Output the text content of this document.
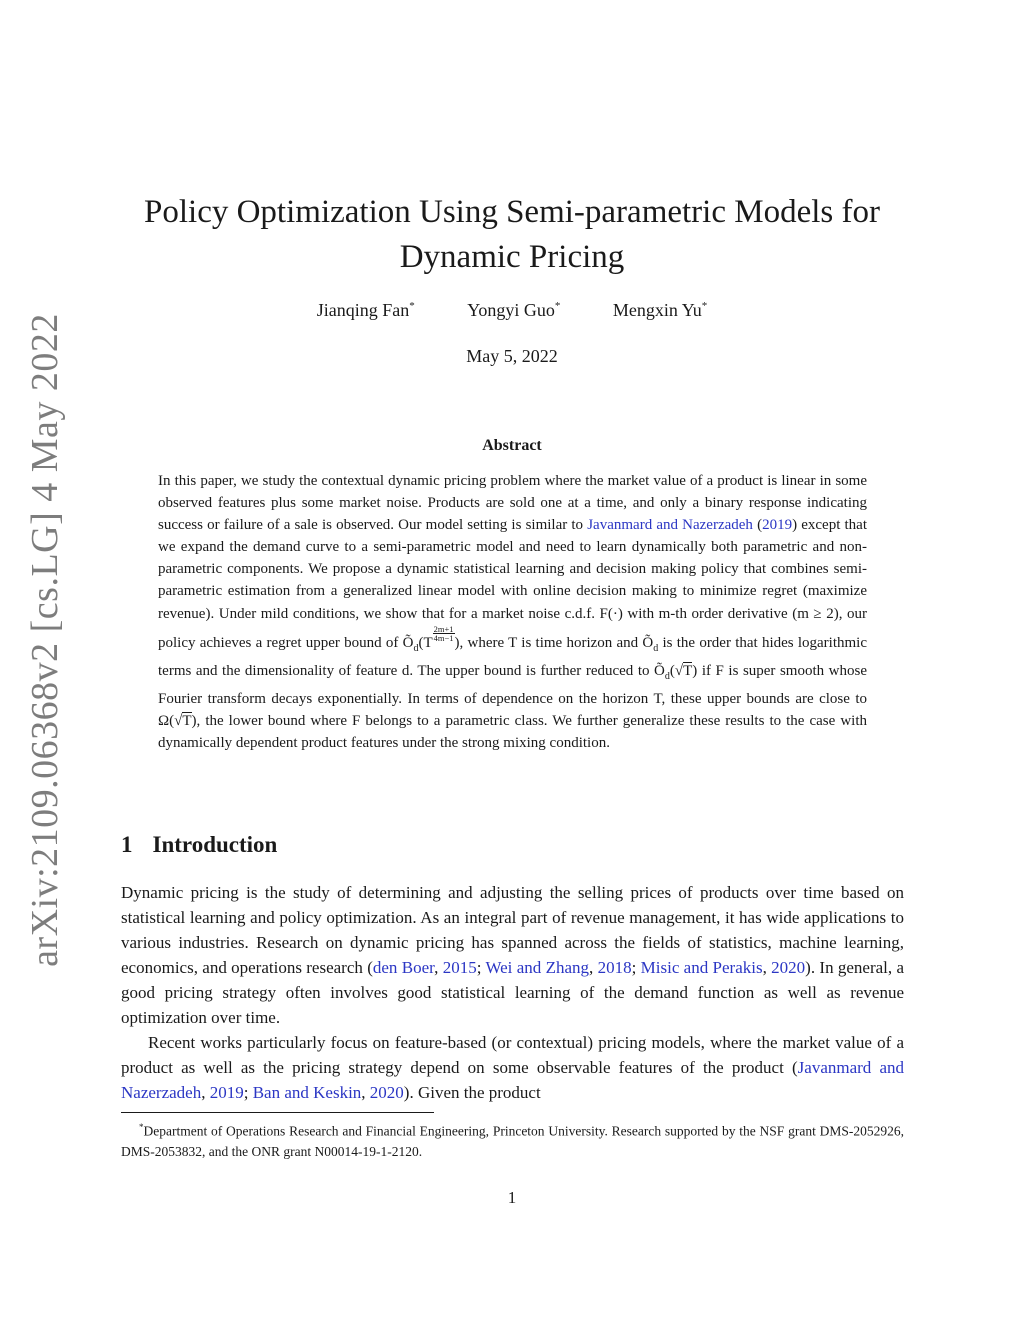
arXiv:2109.06368v2 [cs.LG] 4 May 2022
Policy Optimization Using Semi-parametric Models for
Dynamic Pricing
Jianqing Fan*	Yongyi Guo*	Mengxin Yu*
May 5, 2022
Abstract

In this paper, we study the contextual dynamic pricing problem where the market value of a product is linear in some observed features plus some market noise. Products are sold one at a time, and only a binary response indicating success or failure of a sale is observed. Our model setting is similar to Javanmard and Nazerzadeh (2019) except that we expand the demand curve to a semi-parametric model and need to learn dynamically both parametric and non-parametric components. We propose a dynamic statistical learning and decision making policy that combines semi-parametric estimation from a generalized linear model with online decision making to minimize regret (maximize revenue). Under mild conditions, we show that for a market noise c.d.f. F(·) with m-th order derivative (m ≥ 2), our policy achieves a regret upper bound of $Õ_d(T$
$\frac{2m+1}{4m-1}$
), where T is time horizon and $Õ_d$ is the order that hides logarithmic terms and the dimensionality of feature d. The upper bound is further reduced to $Õ_d(√T)$ if F is super smooth whose Fourier transform decays exponentially. In terms of dependence on the horizon T, these upper bounds are close to Ω(√T), the lower bound where F belongs to a parametric class. We further generalize these results to the case with dynamically dependent product features under the strong mixing condition.

1 Introduction

Dynamic pricing is the study of determining and adjusting the selling prices of products over time based on statistical learning and policy optimization. As an integral part of revenue management, it has wide applications to various industries. Research on dynamic pricing has spanned across the fields of statistics, machine learning, economics, and operations research (den Boer, 2015; Wei and Zhang, 2018; Misic and Perakis, 2020). In general, a good pricing strategy often involves good statistical learning of the demand function as well as revenue optimization over time.

Recent works particularly focus on feature-based (or contextual) pricing models, where the market value of a product as well as the pricing strategy depend on some observable features of the product (Javanmard and Nazerzadeh, 2019; Ban and Keskin, 2020). Given the product

*Department of Operations Research and Financial Engineering, Princeton University. Research supported by the NSF grant DMS-2052926, DMS-2053832, and the ONR grant N00014-19-1-2120.
1
